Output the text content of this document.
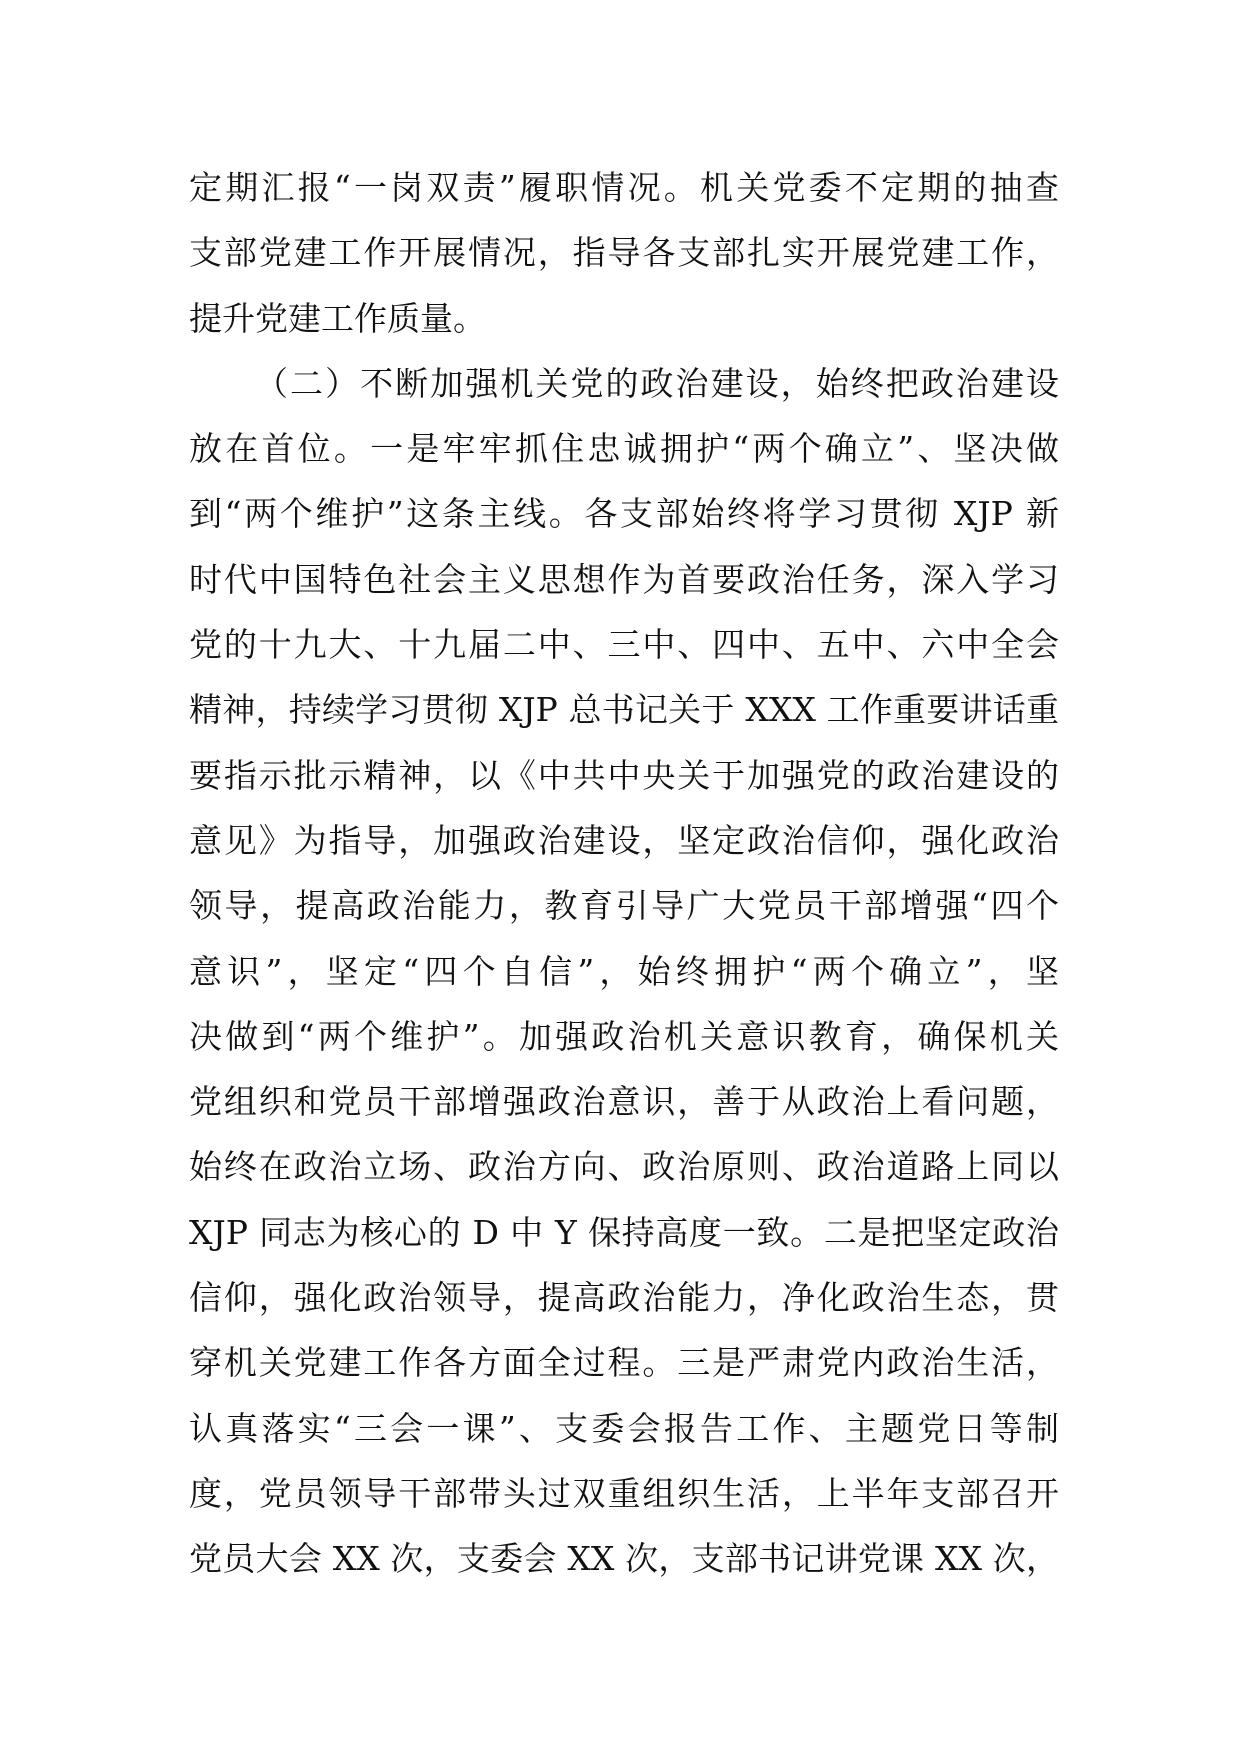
定期汇报“一岗双责”履职情况。机关党委不定期的抽查
支部党建工作开展情况，指导各支部扎实开展党建工作，
提升党建工作质量。
（二）不断加强机关党的政治建设，始终把政治建设
放在首位。一是牢牢抓住忠诚拥护“两个确立”、坚决做
到“两个维护”这条主线。各支部始终将学习贯彻 XJP 新
时代中国特色社会主义思想作为首要政治任务，深入学习
党的十九大、十九届二中、三中、四中、五中、六中全会
精神，持续学习贯彻 XJP 总书记关于 XXX 工作重要讲话重
要指示批示精神，以《中共中央关于加强党的政治建设的
意见》为指导，加强政治建设，坚定政治信仰，强化政治
领导，提高政治能力，教育引导广大党员干部增强“四个
意识”，坚定“四个自信”，始终拥护“两个确立”，坚
决做到“两个维护”。加强政治机关意识教育，确保机关
党组织和党员干部增强政治意识，善于从政治上看问题，
始终在政治立场、政治方向、政治原则、政治道路上同以
XJP 同志为核心的 D 中 Y 保持高度一致。二是把坚定政治
信仰，强化政治领导，提高政治能力，净化政治生态，贯
穿机关党建工作各方面全过程。三是严肃党内政治生活，
认真落实“三会一课”、支委会报告工作、主题党日等制
度，党员领导干部带头过双重组织生活，上半年支部召开
党员大会 XX 次，支委会 XX 次，支部书记讲党课 XX 次，
